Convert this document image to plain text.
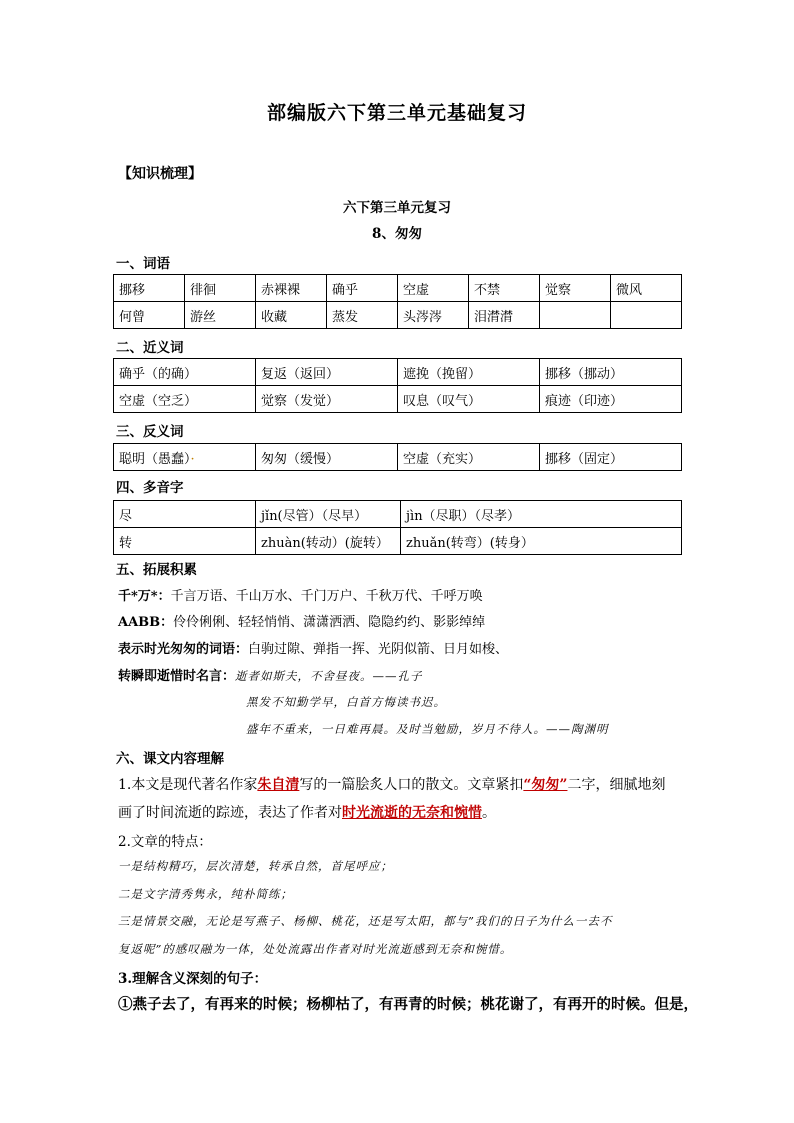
部编版六下第三单元基础复习
【知识梳理】
六下第三单元复习
8、匆匆
一、词语
挪移	徘徊	赤裸裸	确乎	空虚	不禁	觉察	微风
何曾	游丝	收藏	蒸发	头涔涔	泪潸潸		
二、近义词
确乎（的确）	复返（返回）	遮挽（挽留）	挪移（挪动）
空虚（空乏）	觉察（发觉）	叹息（叹气）	痕迹（印迹）
三、反义词
聪明（愚蠢）·	匆匆（缓慢）	空虚（充实）	挪移（固定）
四、多音字
尽	jǐn(尽管）（尽早）	jìn（尽职）（尽孝）
转	zhuàn(转动）(旋转）	zhuǎn(转弯）(转身）
五、拓展积累
千*万*：千言万语、千山万水、千门万户、千秋万代、千呼万唤
AABB：伶伶俐俐、轻轻悄悄、潇潇洒洒、隐隐约约、影影绰绰
表示时光匆匆的词语：白驹过隙、弹指一挥、光阴似箭、日月如梭、
转瞬即逝惜时名言：逝者如斯夫，不舍昼夜。——孔子
黑发不知勤学早，白首方悔读书迟。
盛年不重来，一日难再晨。及时当勉励，岁月不待人。——陶渊明
六、课文内容理解
1.本文是现代著名作家朱自清写的一篇脍炙人口的散文。文章紧扣“匆匆”二字，细腻地刻
画了时间流逝的踪迹，表达了作者对时光流逝的无奈和惋惜。
2.文章的特点：
一是结构精巧，层次清楚，转承自然，首尾呼应；
二是文字清秀隽永，纯朴简练；
三是情景交融，无论是写燕子、杨柳、桃花，还是写太阳，都与”我们的日子为什么一去不
复返呢”的感叹融为一体，处处流露出作者对时光流逝感到无奈和惋惜。
3.理解含义深刻的句子：
①燕子去了，有再来的时候；杨柳枯了，有再青的时候；桃花谢了，有再开的时候。但是，
